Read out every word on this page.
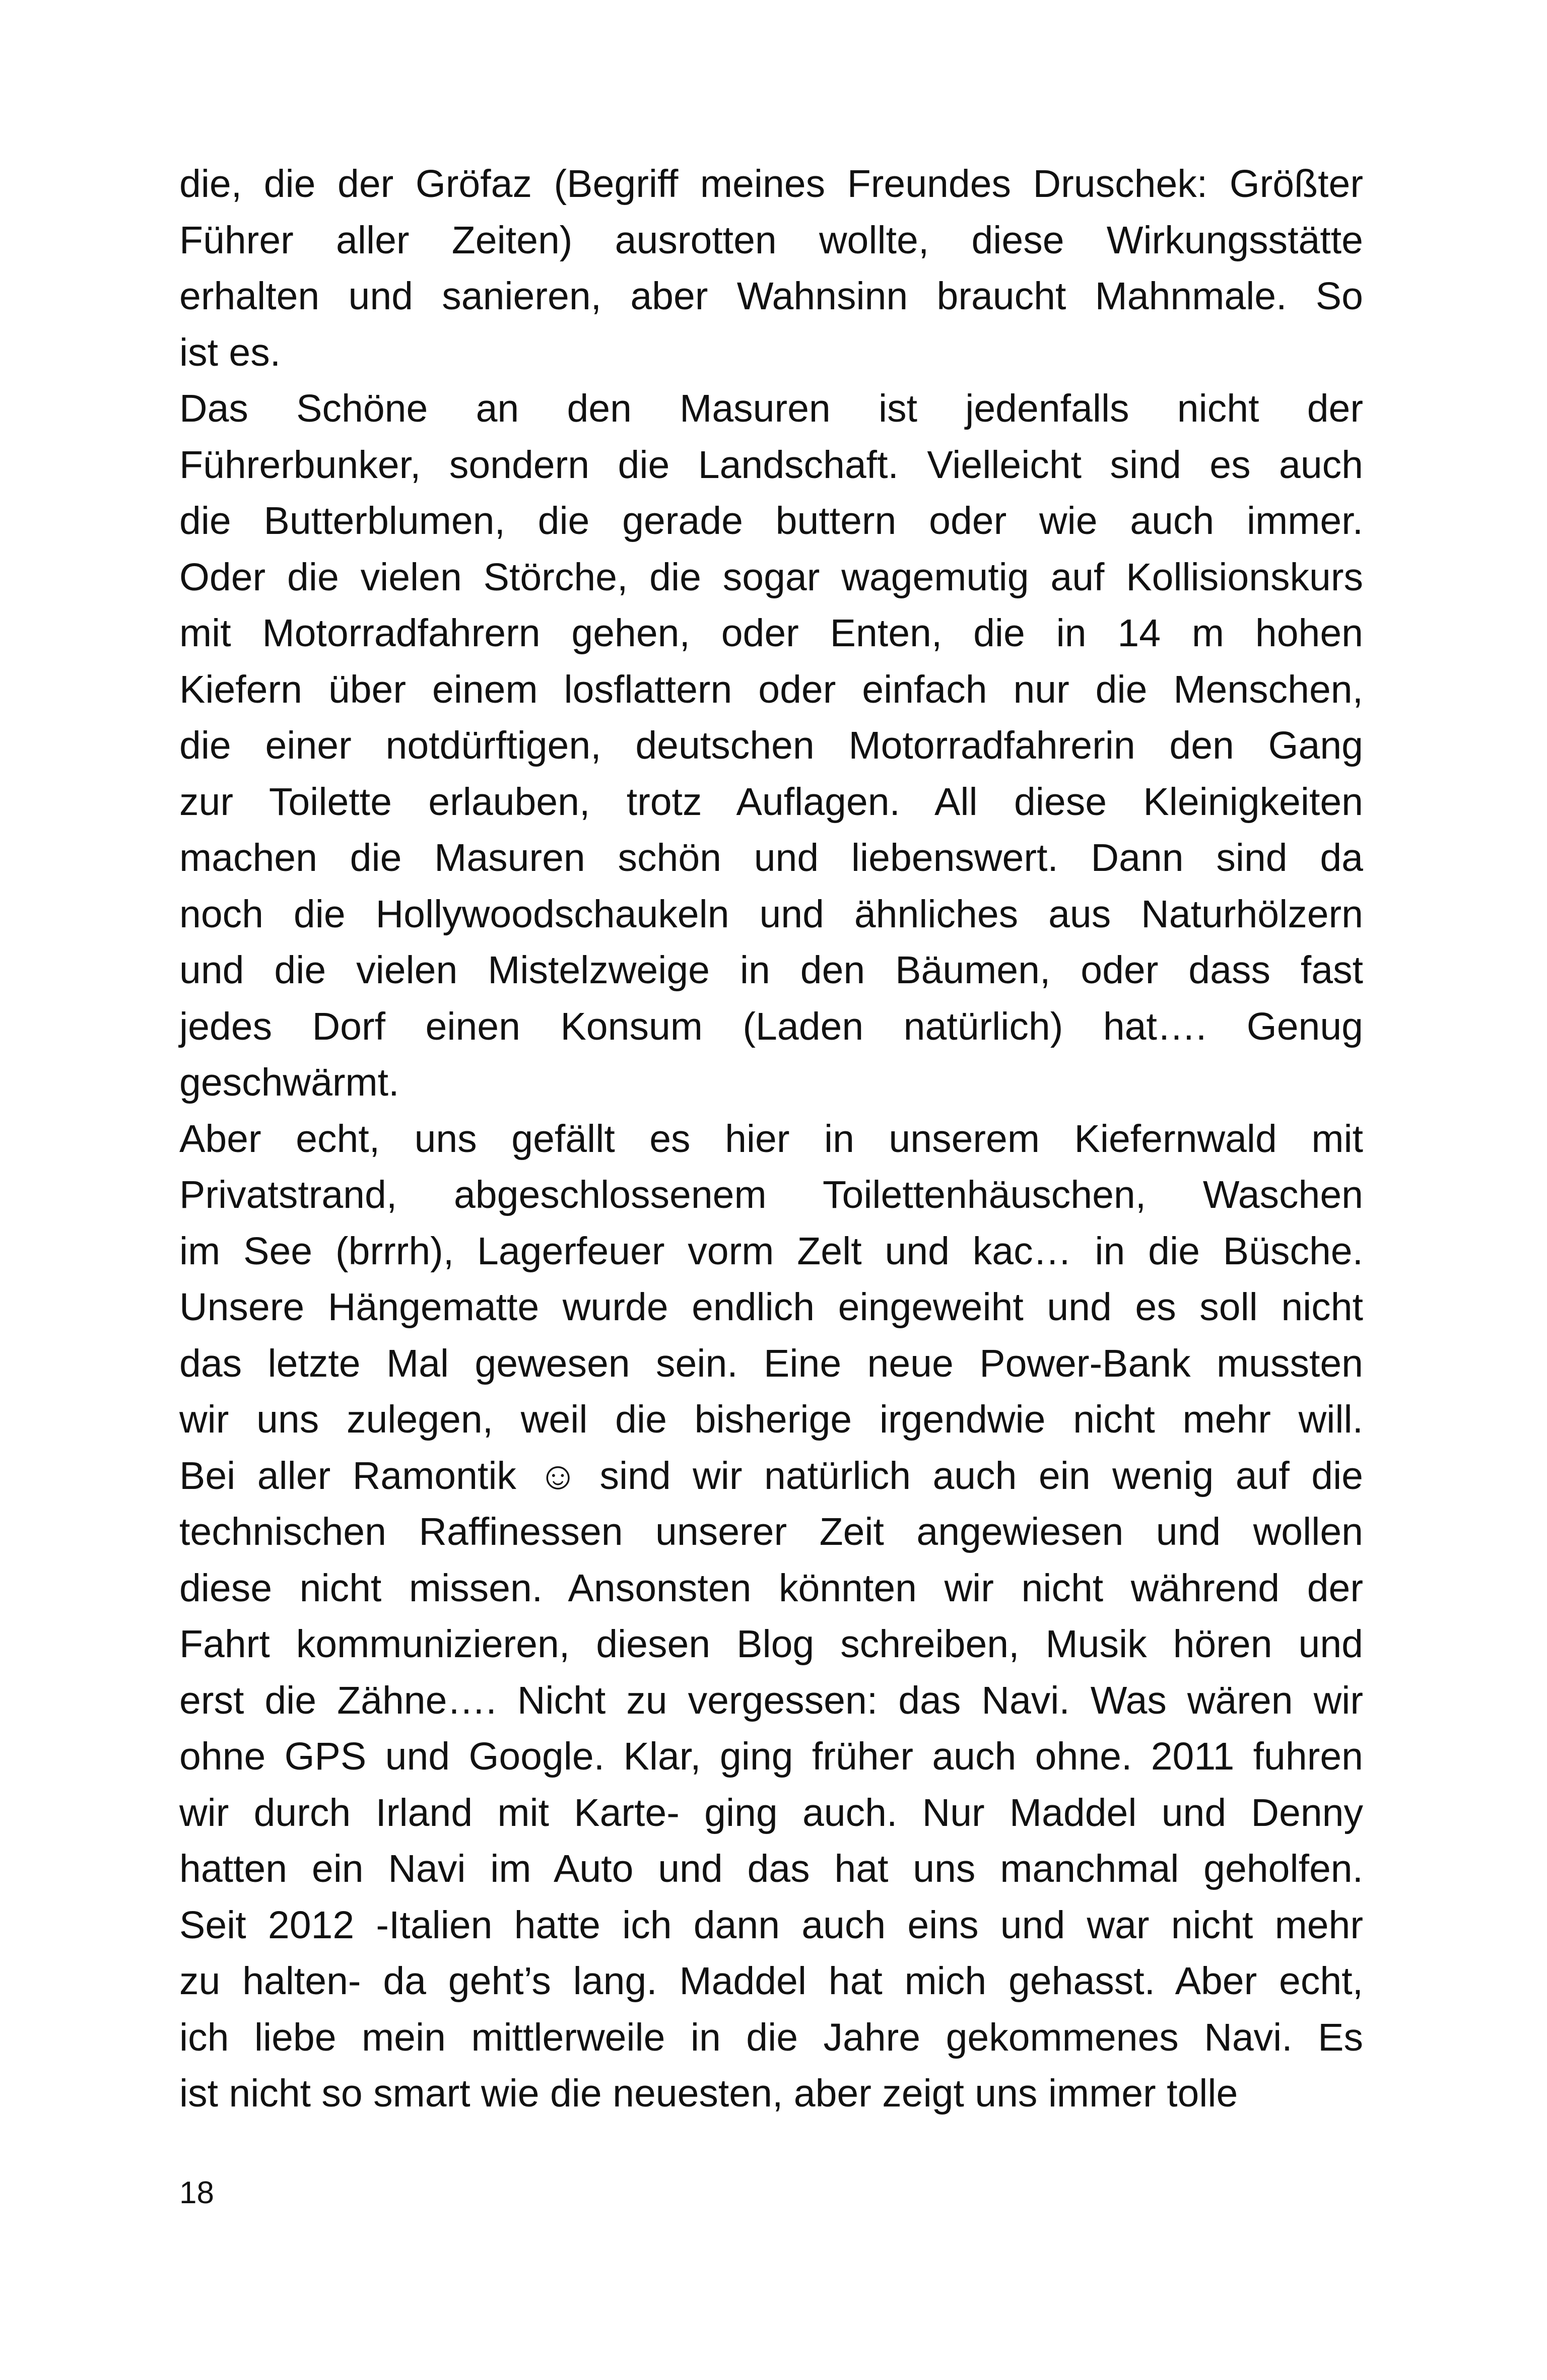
die, die der Gröfaz (Begriff meines Freundes Druschek: Größter
Führer aller Zeiten) ausrotten wollte, diese Wirkungsstätte
erhalten und sanieren, aber Wahnsinn braucht Mahnmale. So
ist es.
Das Schöne an den Masuren ist jedenfalls nicht der
Führerbunker, sondern die Landschaft. Vielleicht sind es auch
die Butterblumen, die gerade buttern oder wie auch immer.
Oder die vielen Störche, die sogar wagemutig auf Kollisionskurs
mit Motorradfahrern gehen, oder Enten, die in 14 m hohen
Kiefern über einem losflattern oder einfach nur die Menschen,
die einer notdürftigen, deutschen Motorradfahrerin den Gang
zur Toilette erlauben, trotz Auflagen. All diese Kleinigkeiten
machen die Masuren schön und liebenswert. Dann sind da
noch die Hollywoodschaukeln und ähnliches aus Naturhölzern
und die vielen Mistelzweige in den Bäumen, oder dass fast
jedes Dorf einen Konsum (Laden natürlich) hat…. Genug
geschwärmt.
Aber echt, uns gefällt es hier in unserem Kiefernwald mit
Privatstrand, abgeschlossenem Toilettenhäuschen, Waschen
im See (brrrh), Lagerfeuer vorm Zelt und kac… in die Büsche.
Unsere Hängematte wurde endlich eingeweiht und es soll nicht
das letzte Mal gewesen sein. Eine neue Power-Bank mussten
wir uns zulegen, weil die bisherige irgendwie nicht mehr will.
Bei aller Ramontik ☺ sind wir natürlich auch ein wenig auf die
technischen Raffinessen unserer Zeit angewiesen und wollen
diese nicht missen. Ansonsten könnten wir nicht während der
Fahrt kommunizieren, diesen Blog schreiben, Musik hören und
erst die Zähne…. Nicht zu vergessen: das Navi. Was wären wir
ohne GPS und Google. Klar, ging früher auch ohne. 2011 fuhren
wir durch Irland mit Karte- ging auch. Nur Maddel und Denny
hatten ein Navi im Auto und das hat uns manchmal geholfen.
Seit 2012 -Italien hatte ich dann auch eins und war nicht mehr
zu halten- da geht’s lang. Maddel hat mich gehasst. Aber echt,
ich liebe mein mittlerweile in die Jahre gekommenes Navi. Es
ist nicht so smart wie die neuesten, aber zeigt uns immer tolle
18
